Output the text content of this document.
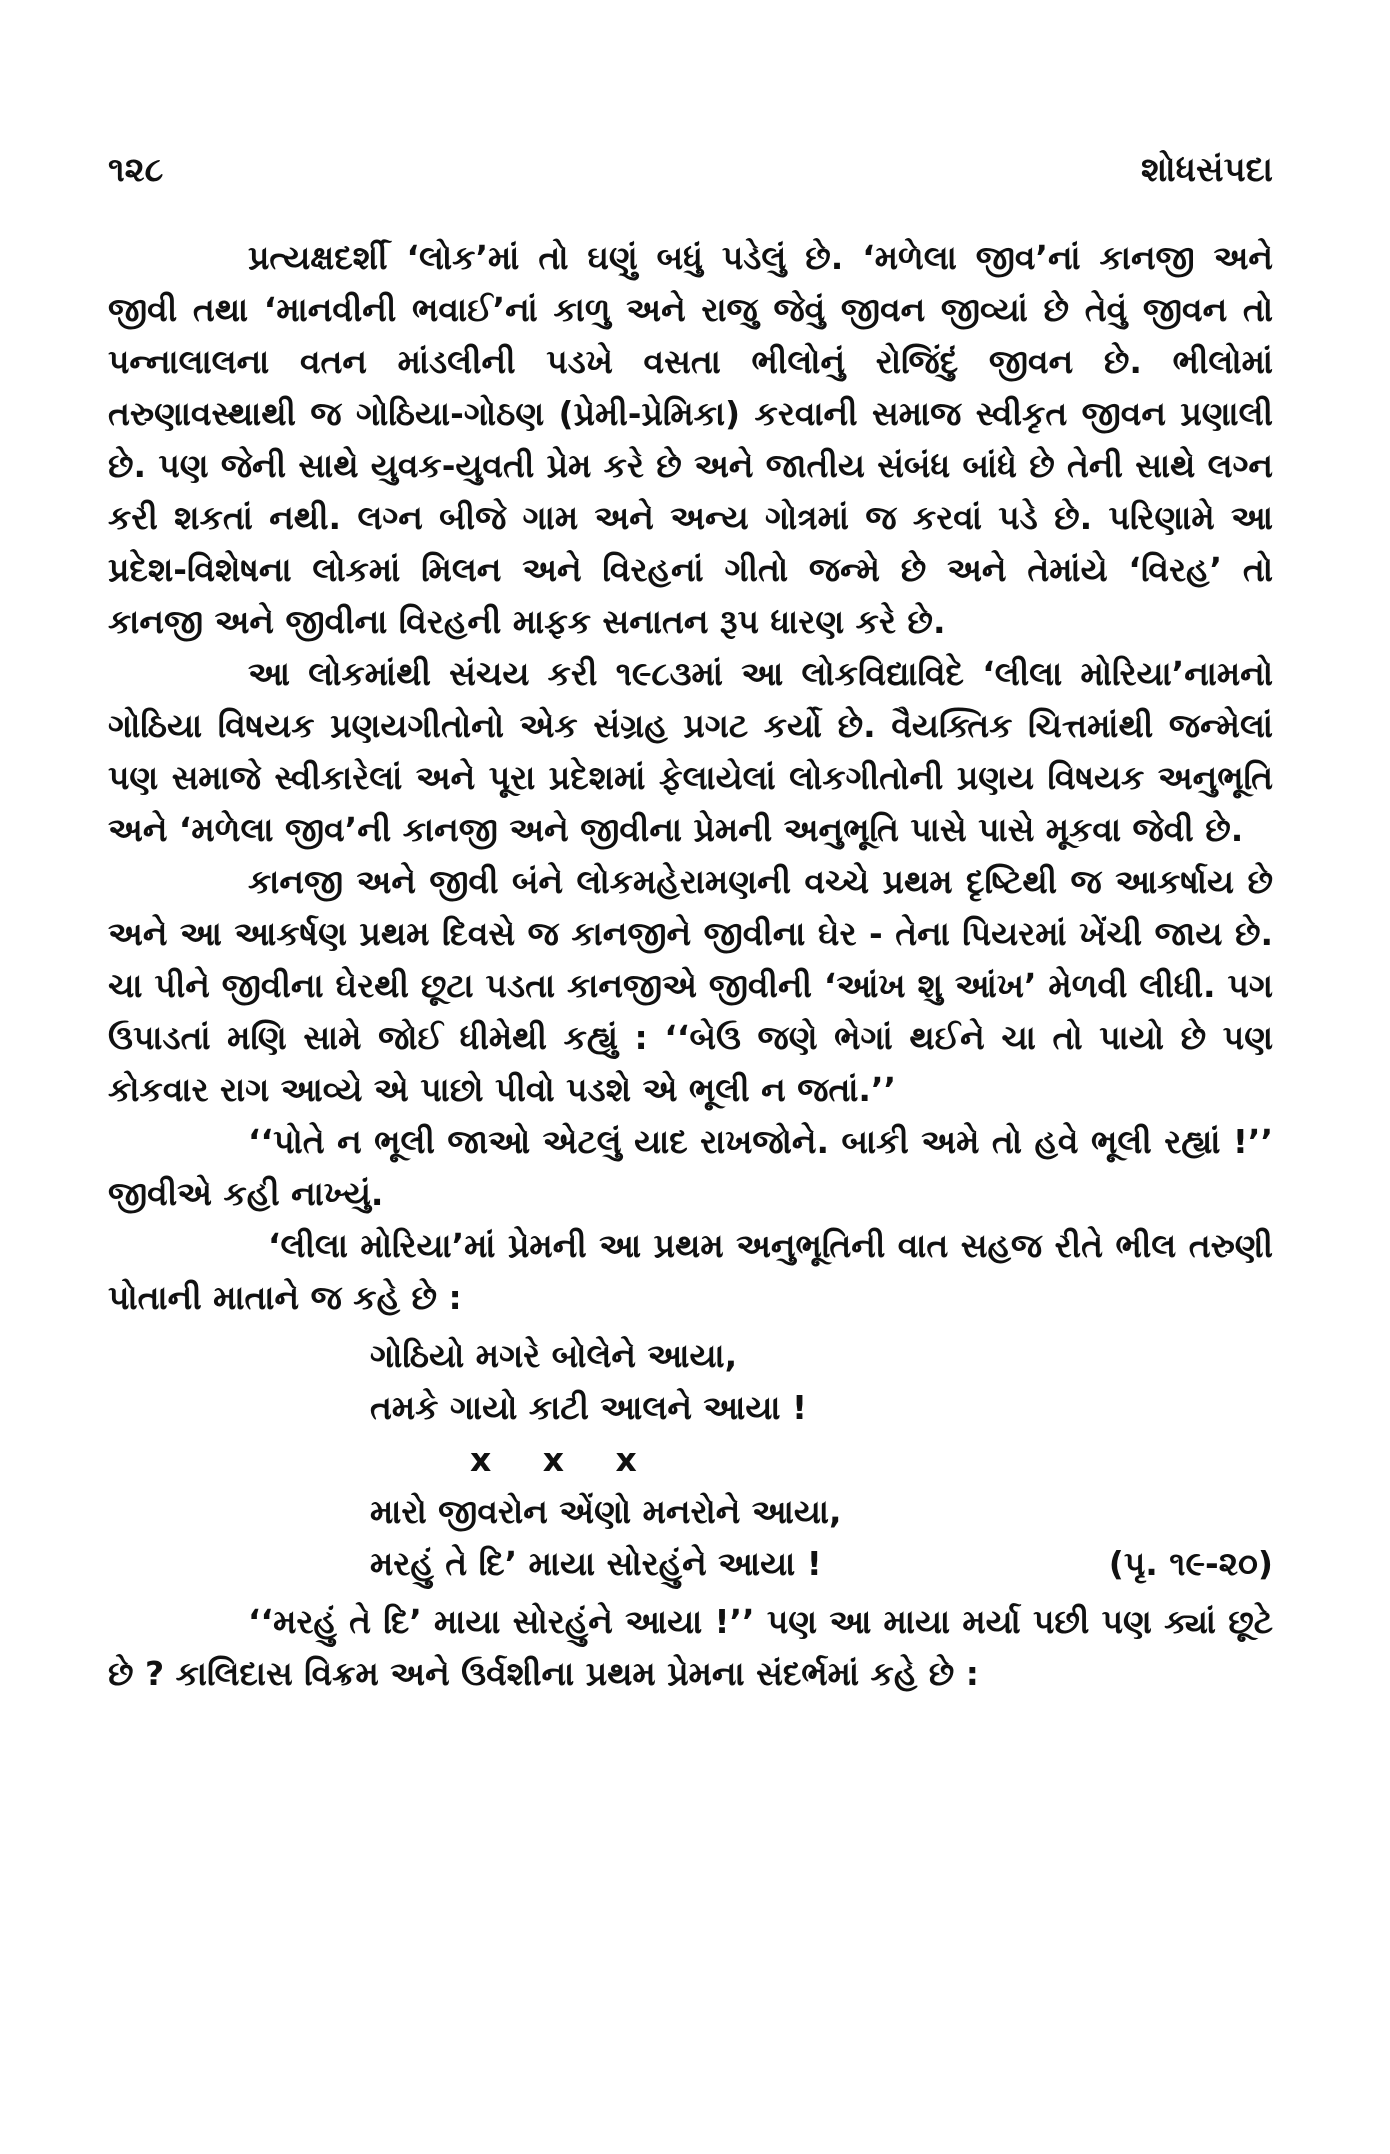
૧૨૮	શોધસંપદા

પ્રત્યક્ષદર્શી ‘લોક’માં તો ઘણું બધું પડેલું છે. ‘મળેલા જીવ’નાં કાનજી અને જીવી તથા ‘માનવીની ભવાઈ’નાં કાળુ અને રાજુ જેવું જીવન જીવ્યાં છે તેવું જીવન તો પન્નાલાલના વતન માંડલીની પડખે વસતા ભીલોનું રોજિંદું જીવન છે. ભીલોમાં તરુણાવસ્થાથી જ ગોઠિયા-ગોઠણ (પ્રેમી-પ્રેમિકા) કરવાની સમાજ સ્વીકૃત જીવન પ્રણાલી છે. પણ જેની સાથે યુવક-યુવતી પ્રેમ કરે છે અને જાતીય સંબંધ બાંધે છે તેની સાથે લગ્ન કરી શકતાં નથી. લગ્ન બીજે ગામ અને અન્ય ગોત્રમાં જ કરવાં પડે છે. પરિણામે આ પ્રદેશ-વિશેષના લોકમાં મિલન અને વિરહનાં ગીતો જન્મે છે અને તેમાંયે ‘વિરહ’ તો કાનજી અને જીવીના વિરહની માફક સનાતન રૂપ ધારણ કરે છે.

આ લોકમાંથી સંચય કરી ૧૯૮૩માં આ લોકવિદ્યાવિદે ‘લીલા મોરિયા’નામનો ગોઠિયા વિષયક પ્રણયગીતોનો એક સંગ્રહ પ્રગટ કર્યો છે. વૈયક્તિક ચિત્તમાંથી જન્મેલાં પણ સમાજે સ્વીકારેલાં અને પૂરા પ્રદેશમાં ફેલાયેલાં લોકગીતોની પ્રણય વિષયક અનુભૂતિ અને ‘મળેલા જીવ’ની કાનજી અને જીવીના પ્રેમની અનુભૂતિ પાસે પાસે મૂકવા જેવી છે.

કાનજી અને જીવી બંને લોકમહેરામણની વચ્ચે પ્રથમ દૃષ્ટિથી જ આકર્ષાય છે અને આ આકર્ષણ પ્રથમ દિવસે જ કાનજીને જીવીના ઘેર - તેના પિયરમાં ખેંચી જાય છે. ચા પીને જીવીના ઘેરથી છૂટા પડતા કાનજીએ જીવીની ‘આંખ શુ આંખ’ મેળવી લીધી. પગ ઉપાડતાં મણિ સામે જોઈ ધીમેથી કહ્યું : ‘‘બેઉ જણે ભેગાં થઈને ચા તો પાયો છે પણ કોકવાર રાગ આવ્યે એ પાછો પીવો પડશે એ ભૂલી ન જતાં.’’

‘‘પોતે ન ભૂલી જાઓ એટલું યાદ રાખજોને. બાકી અમે તો હવે ભૂલી રહ્યાં !’’ જીવીએ કહી નાખ્યું.

‘લીલા મોરિયા’માં પ્રેમની આ પ્રથમ અનુભૂતિની વાત સહજ રીતે ભીલ તરુણી પોતાની માતાને જ કહે છે :

ગોઠિયો મગરે બોલેને આયા,
તમકે ગાયો કાટી આલને આયા !
x x x
મારો જીવરોન એંણો મનરોને આયા,
મરહું તે દિ’ માયા સોરહુંને આયા !	(પૃ. ૧૯-૨૦)

‘‘મરહું તે દિ’ માયા સોરહુંને આયા !’’ પણ આ માયા મર્યા પછી પણ ક્યાં છૂટે છે ? કાલિદાસ વિક્રમ અને ઉર્વશીના પ્રથમ પ્રેમના સંદર્ભમાં કહે છે :
